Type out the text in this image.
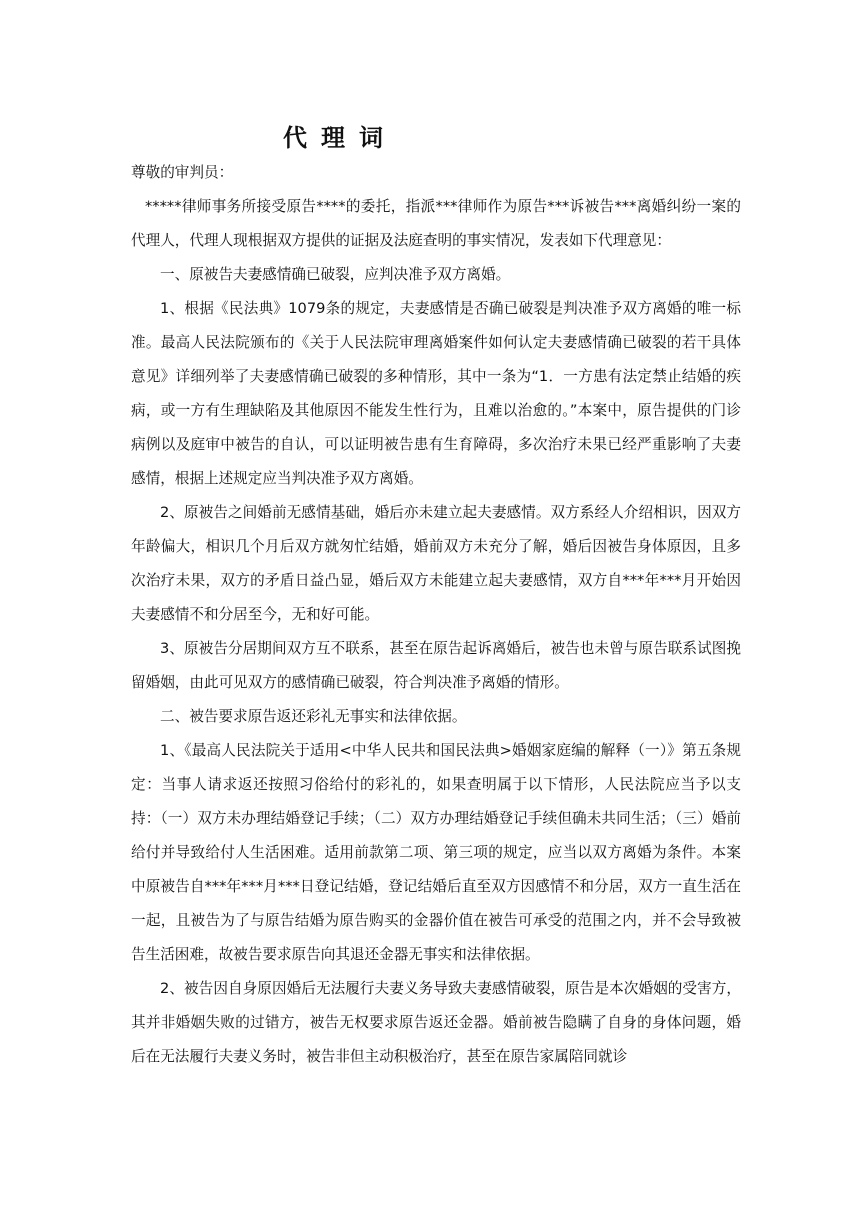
代理词

尊敬的审判员：

*****律师事务所接受原告****的委托，指派***律师作为原告***诉被告***离婚纠纷一案的代理人，代理人现根据双方提供的证据及法庭查明的事实情况，发表如下代理意见：

一、原被告夫妻感情确已破裂，应判决准予双方离婚。

1、根据《民法典》1079条的规定，夫妻感情是否确已破裂是判决准予双方离婚的唯一标准。最高人民法院颁布的《关于人民法院审理离婚案件如何认定夫妻感情确已破裂的若干具体意见》详细列举了夫妻感情确已破裂的多种情形，其中一条为“1．一方患有法定禁止结婚的疾病，或一方有生理缺陷及其他原因不能发生性行为，且难以治愈的。”本案中，原告提供的门诊病例以及庭审中被告的自认，可以证明被告患有生育障碍，多次治疗未果已经严重影响了夫妻感情，根据上述规定应当判决准予双方离婚。

2、原被告之间婚前无感情基础，婚后亦未建立起夫妻感情。双方系经人介绍相识，因双方年龄偏大，相识几个月后双方就匆忙结婚，婚前双方未充分了解，婚后因被告身体原因，且多次治疗未果，双方的矛盾日益凸显，婚后双方未能建立起夫妻感情，双方自***年***月开始因夫妻感情不和分居至今，无和好可能。

3、原被告分居期间双方互不联系，甚至在原告起诉离婚后，被告也未曾与原告联系试图挽留婚姻，由此可见双方的感情确已破裂，符合判决准予离婚的情形。

二、被告要求原告返还彩礼无事实和法律依据。

1、《最高人民法院关于适用<中华人民共和国民法典>婚姻家庭编的解释（一）》第五条规定：当事人请求返还按照习俗给付的彩礼的，如果查明属于以下情形，人民法院应当予以支持：（一）双方未办理结婚登记手续；（二）双方办理结婚登记手续但确未共同生活；（三）婚前给付并导致给付人生活困难。适用前款第二项、第三项的规定，应当以双方离婚为条件。本案中原被告自***年***月***日登记结婚，登记结婚后直至双方因感情不和分居，双方一直生活在一起，且被告为了与原告结婚为原告购买的金器价值在被告可承受的范围之内，并不会导致被告生活困难，故被告要求原告向其退还金器无事实和法律依据。

2、被告因自身原因婚后无法履行夫妻义务导致夫妻感情破裂，原告是本次婚姻的受害方，其并非婚姻失败的过错方，被告无权要求原告返还金器。婚前被告隐瞒了自身的身体问题，婚后在无法履行夫妻义务时，被告非但主动积极治疗，甚至在原告家属陪同就诊
